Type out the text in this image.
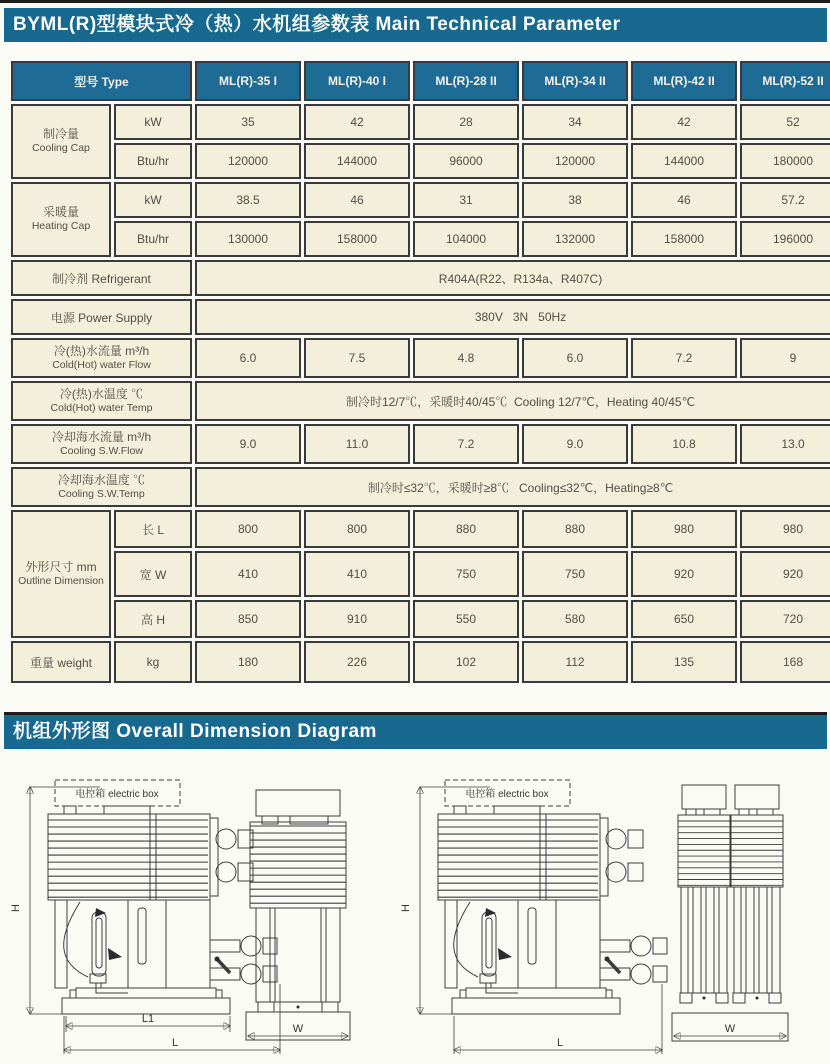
BYML(R)型模块式冷（热）水机组参数表 Main Technical Parameter
型号 Type		ML(R)-35 I	ML(R)-40 I	ML(R)-28 II	ML(R)-34 II	ML(R)-42 II	ML(R)-52 II

制冷量
Cooling Cap	kW	35	42	28	34	42	52
	Btu/hr	120000	144000	96000	120000	144000	180000

采暖量
Heating Cap	kW	38.5	46	31	38	46	57.2
	Btu/hr	130000	158000	104000	132000	158000	196000
制冷剂 Refrigerant		R404A(R22、R134a、R407C)					
电源 Power Supply		380V   3N   50Hz					

冷(热)水流量 m³/h
Cold(Hot) water Flow		6.0	7.5	4.8	6.0	7.2	9

冷(热)水温度 ℃
Cold(Hot) water Temp		制冷时12/7℃，采暖时40/45℃  Cooling 12/7℃，Heating 40/45℃					

冷却海水流量 m³/h
Cooling S.W.Flow		9.0	11.0	7.2	9.0	10.8	13.0

冷却海水温度 ℃
Cooling S.W.Temp		制冷时≤32℃，采暖时≥8℃   Cooling≤32℃，Heating≥8℃					

外形尺寸 mm
Outline Dimension	长 L	800	800	880	880	980	980
	宽 W	410	410	750	750	920	920
	高 H	850	910	550	580	650	720
重量 weight	kg	180	226	102	112	135	168
机组外形图 Overall Dimension Diagram
H
L1
L
W
H
L
W
